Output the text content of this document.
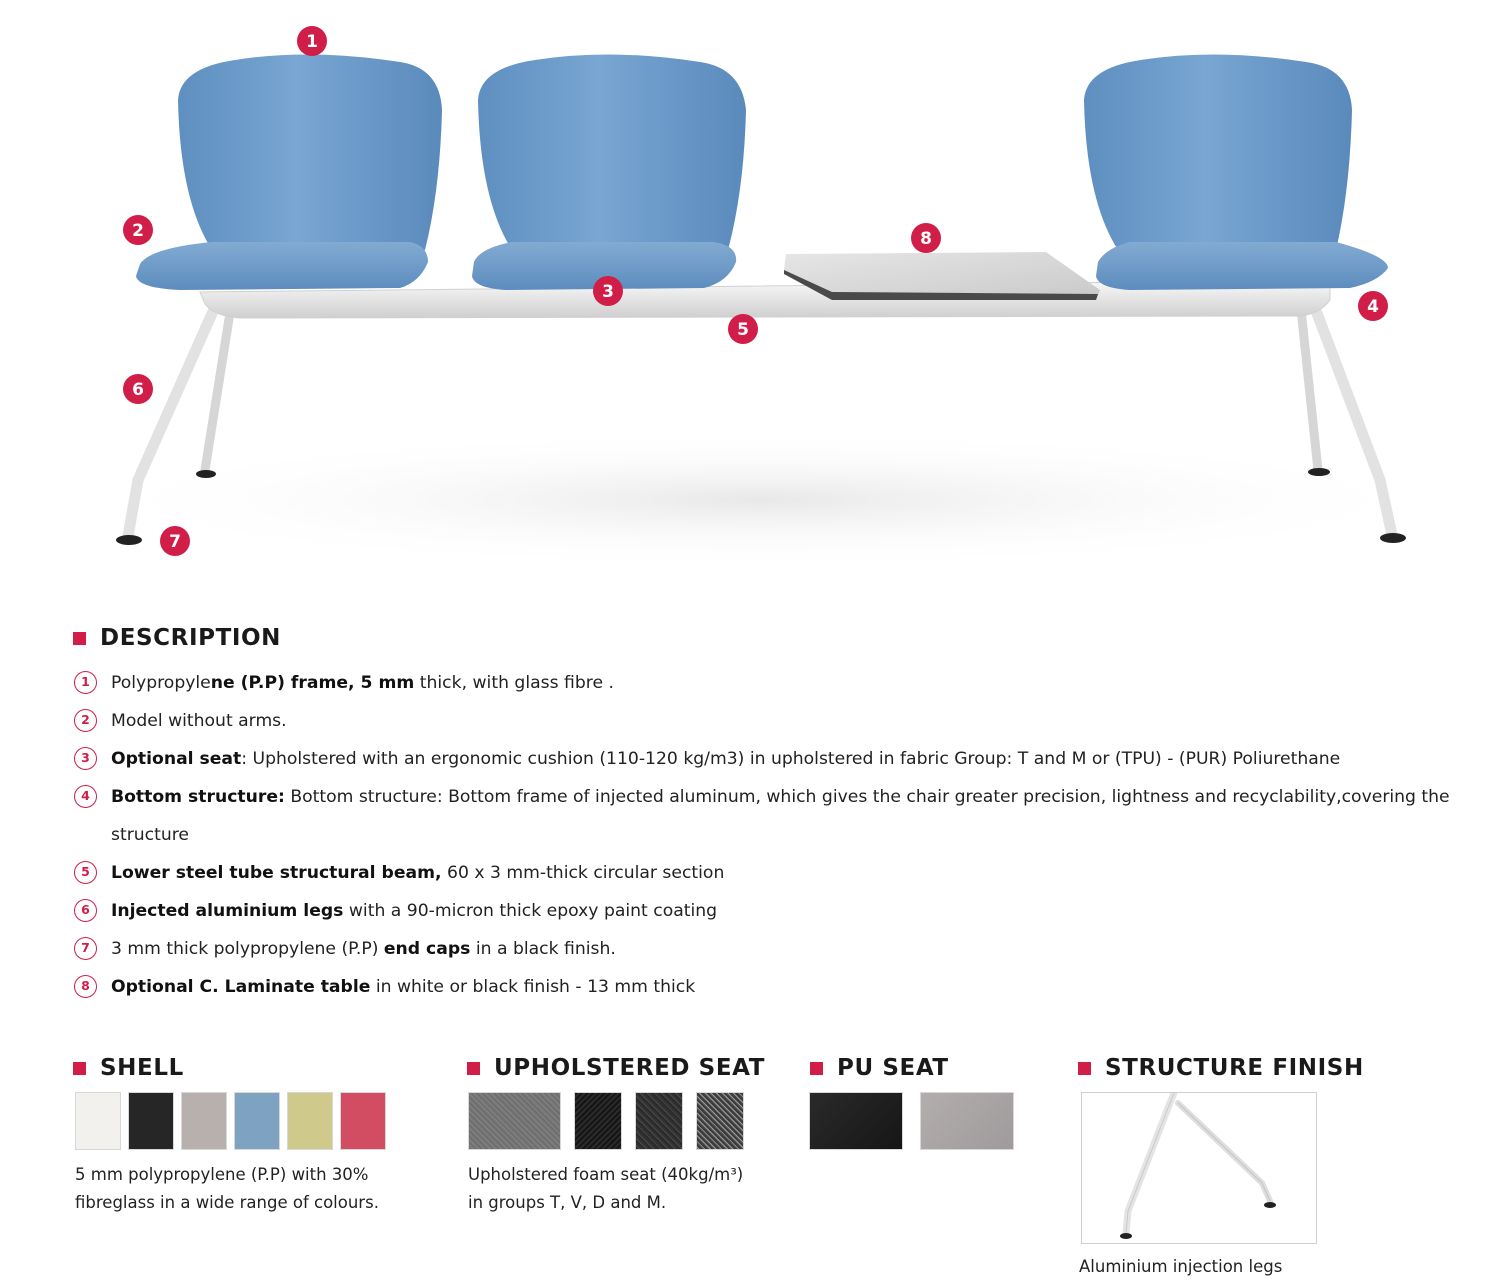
1
2
3
4
5
6
7
8
DESCRIPTION
1	Polypropylene (P.P) frame, 5 mm thick, with glass fibre .
2	Model without arms.
3	Optional seat: Upholstered with an ergonomic cushion (110-120 kg/m3) in upholstered in fabric Group: T and M or (TPU) - (PUR) Poliurethane
4	Bottom structure: Bottom structure: Bottom frame of injected aluminum, which gives the chair greater precision, lightness and recyclability,covering the structure
5	Lower steel tube structural beam, 60 x 3 mm-thick circular section
6	Injected aluminium legs with a 90-micron thick epoxy paint coating
7	3 mm thick polypropylene (P.P) end caps in a black finish.
8	Optional C. Laminate table in white or black finish - 13 mm thick
SHELL
5 mm polypropylene (P.P) with 30%
fibreglass in a wide range of colours.
UPHOLSTERED SEAT
Upholstered foam seat (40kg/m³)
in groups T, V, D and M.
PU SEAT	STRUCTURE FINISH
Aluminium injection legs
